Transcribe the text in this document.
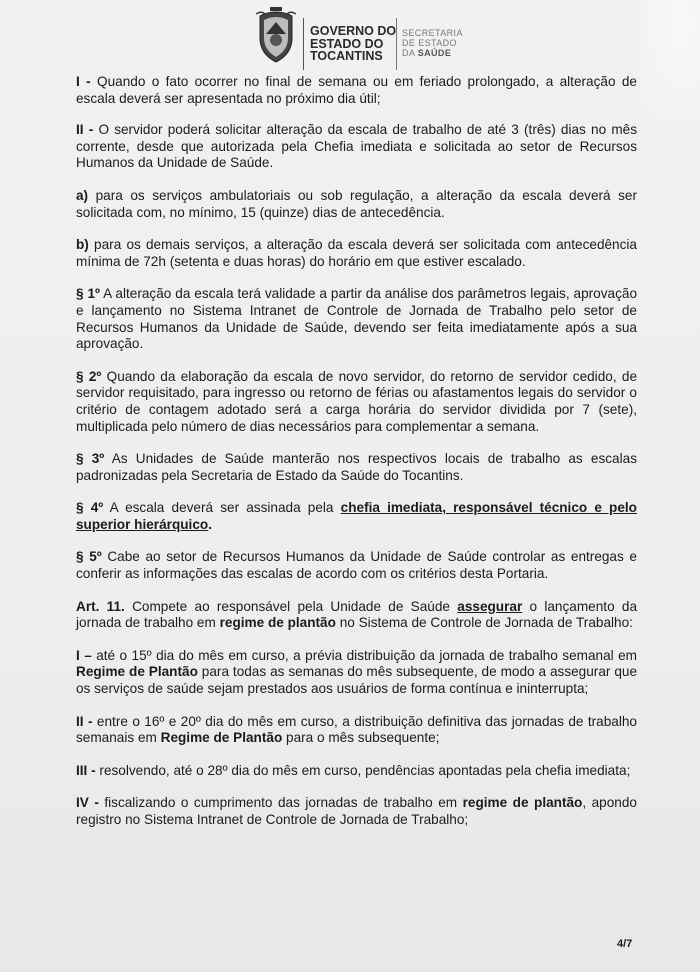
GOVERNO DO
ESTADO DO
TOCANTINS
SECRETARIA
DE ESTADO
DA SAÚDE

I - Quando o fato ocorrer no final de semana ou em feriado prolongado, a alteração de escala deverá ser apresentada no próximo dia útil;

II - O servidor poderá solicitar alteração da escala de trabalho de até 3 (três) dias no mês corrente, desde que autorizada pela Chefia imediata e solicitada ao setor de Recursos Humanos da Unidade de Saúde.

a) para os serviços ambulatoriais ou sob regulação, a alteração da escala deverá ser solicitada com, no mínimo, 15 (quinze) dias de antecedência.

b) para os demais serviços, a alteração da escala deverá ser solicitada com antecedência mínima de 72h (setenta e duas horas) do horário em que estiver escalado.

§ 1º A alteração da escala terá validade a partir da análise dos parâmetros legais, aprovação e lançamento no Sistema Intranet de Controle de Jornada de Trabalho pelo setor de Recursos Humanos da Unidade de Saúde, devendo ser feita imediatamente após a sua aprovação.

§ 2º Quando da elaboração da escala de novo servidor, do retorno de servidor cedido, de servidor requisitado, para ingresso ou retorno de férias ou afastamentos legais do servidor o critério de contagem adotado será a carga horária do servidor dividida por 7 (sete), multiplicada pelo número de dias necessários para complementar a semana.

§ 3º As Unidades de Saúde manterão nos respectivos locais de trabalho as escalas padronizadas pela Secretaria de Estado da Saúde do Tocantins.

§ 4º A escala deverá ser assinada pela chefia imediata, responsável técnico e pelo superior hierárquico.

§ 5º Cabe ao setor de Recursos Humanos da Unidade de Saúde controlar as entregas e conferir as informações das escalas de acordo com os critérios desta Portaria.

Art. 11. Compete ao responsável pela Unidade de Saúde assegurar o lançamento da jornada de trabalho em regime de plantão no Sistema de Controle de Jornada de Trabalho:

I – até o 15º dia do mês em curso, a prévia distribuição da jornada de trabalho semanal em Regime de Plantão para todas as semanas do mês subsequente, de modo a assegurar que os serviços de saúde sejam prestados aos usuários de forma contínua e ininterrupta;

II - entre o 16º e 20º dia do mês em curso, a distribuição definitiva das jornadas de trabalho semanais em Regime de Plantão para o mês subsequente;

III - resolvendo, até o 28º dia do mês em curso, pendências apontadas pela chefia imediata;

IV - fiscalizando o cumprimento das jornadas de trabalho em regime de plantão, apondo registro no Sistema Intranet de Controle de Jornada de Trabalho;

4/7
